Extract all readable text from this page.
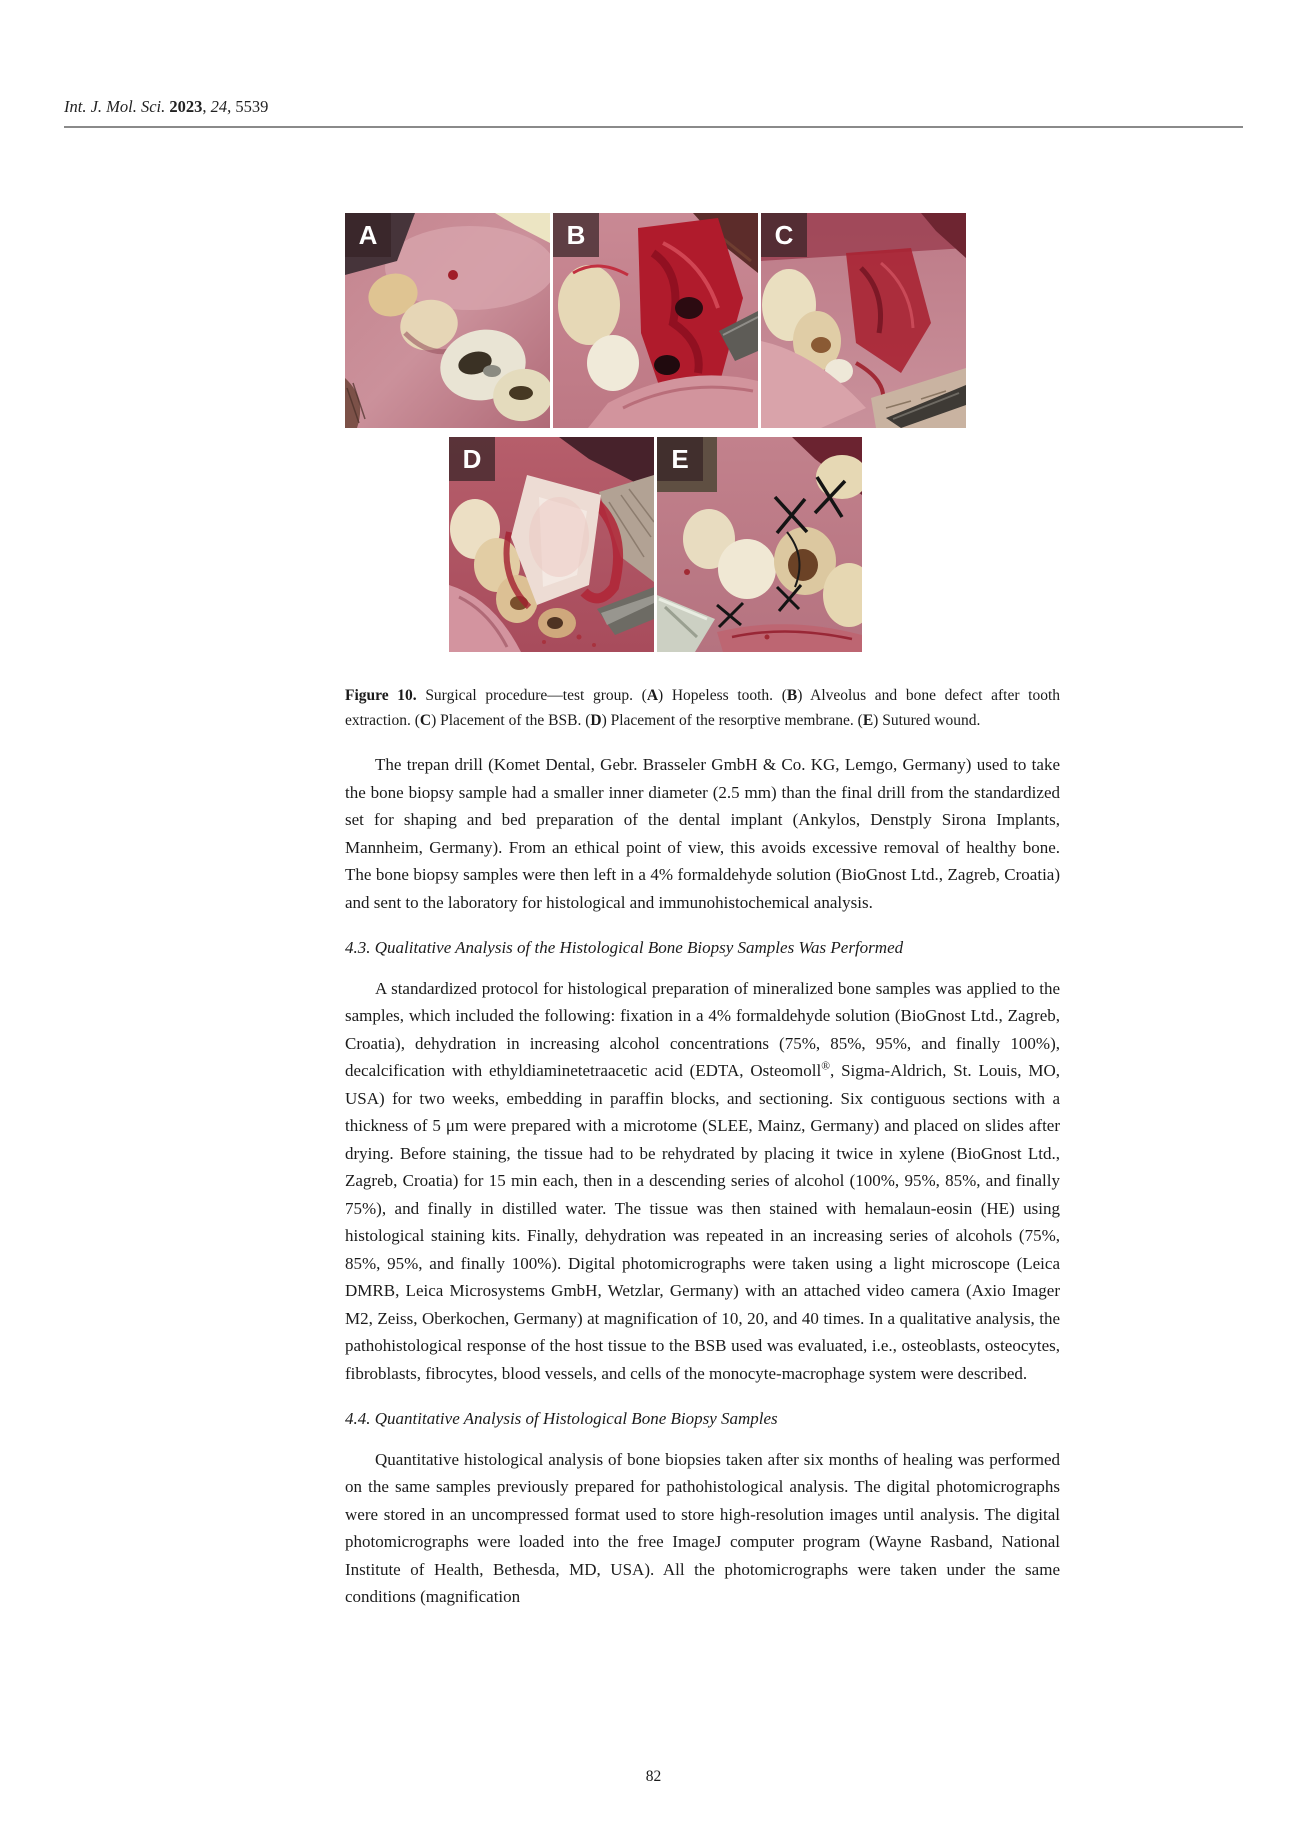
Int. J. Mol. Sci. 2023, 24, 5539
A	B	C
D	E

Figure 10. Surgical procedure—test group. (A) Hopeless tooth. (B) Alveolus and bone defect after tooth extraction. (C) Placement of the BSB. (D) Placement of the resorptive membrane. (E) Sutured wound.

The trepan drill (Komet Dental, Gebr. Brasseler GmbH & Co. KG, Lemgo, Germany) used to take the bone biopsy sample had a smaller inner diameter (2.5 mm) than the final drill from the standardized set for shaping and bed preparation of the dental implant (Ankylos, Denstply Sirona Implants, Mannheim, Germany). From an ethical point of view, this avoids excessive removal of healthy bone. The bone biopsy samples were then left in a 4% formaldehyde solution (BioGnost Ltd., Zagreb, Croatia) and sent to the laboratory for histological and immunohistochemical analysis.

4.3. Qualitative Analysis of the Histological Bone Biopsy Samples Was Performed

A standardized protocol for histological preparation of mineralized bone samples was applied to the samples, which included the following: fixation in a 4% formaldehyde solution (BioGnost Ltd., Zagreb, Croatia), dehydration in increasing alcohol concentrations (75%, 85%, 95%, and finally 100%), decalcification with ethyldiaminetetraacetic acid (EDTA, Osteomoll®, Sigma-Aldrich, St. Louis, MO, USA) for two weeks, embedding in paraffin blocks, and sectioning. Six contiguous sections with a thickness of 5 μm were prepared with a microtome (SLEE, Mainz, Germany) and placed on slides after drying. Before staining, the tissue had to be rehydrated by placing it twice in xylene (BioGnost Ltd., Zagreb, Croatia) for 15 min each, then in a descending series of alcohol (100%, 95%, 85%, and finally 75%), and finally in distilled water. The tissue was then stained with hemalaun-eosin (HE) using histological staining kits. Finally, dehydration was repeated in an increasing series of alcohols (75%, 85%, 95%, and finally 100%). Digital photomicrographs were taken using a light microscope (Leica DMRB, Leica Microsystems GmbH, Wetzlar, Germany) with an attached video camera (Axio Imager M2, Zeiss, Oberkochen, Germany) at magnification of 10, 20, and 40 times. In a qualitative analysis, the pathohistological response of the host tissue to the BSB used was evaluated, i.e., osteoblasts, osteocytes, fibroblasts, fibrocytes, blood vessels, and cells of the monocyte-macrophage system were described.

4.4. Quantitative Analysis of Histological Bone Biopsy Samples

Quantitative histological analysis of bone biopsies taken after six months of healing was performed on the same samples previously prepared for pathohistological analysis. The digital photomicrographs were stored in an uncompressed format used to store high-resolution images until analysis. The digital photomicrographs were loaded into the free ImageJ computer program (Wayne Rasband, National Institute of Health, Bethesda, MD, USA). All the photomicrographs were taken under the same conditions (magnification

82
